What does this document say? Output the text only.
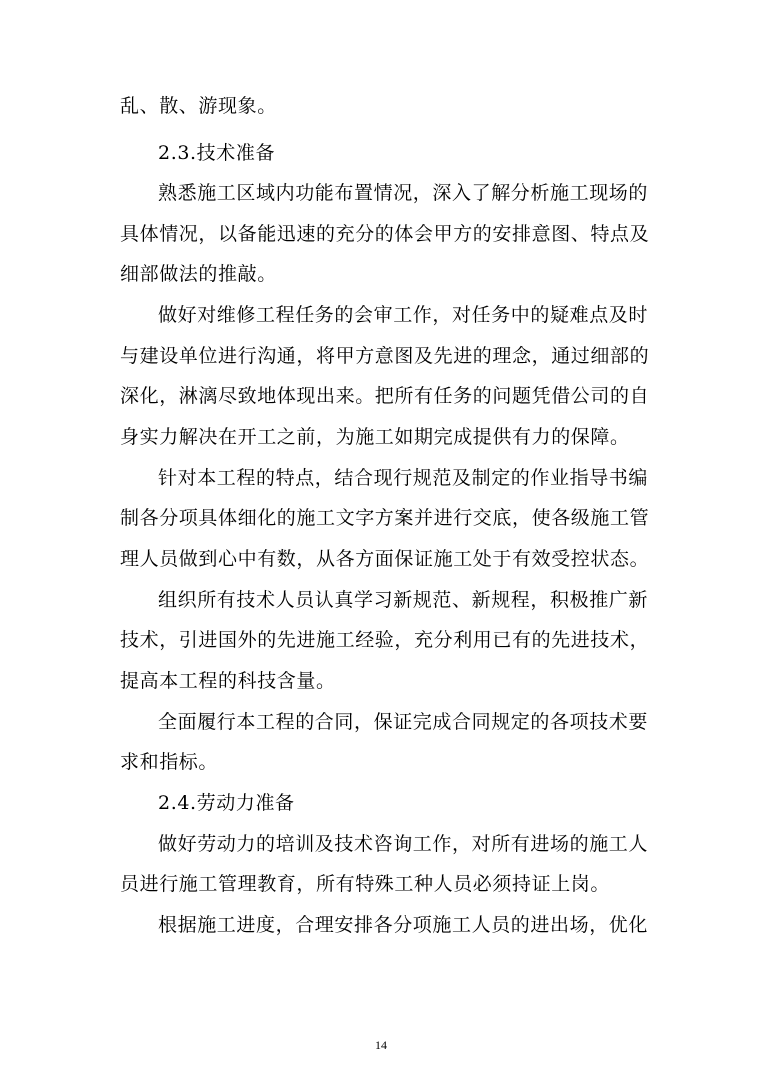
乱、散、游现象。
2.3.技术准备
熟悉施工区域内功能布置情况，深入了解分析施工现场的
具体情况，以备能迅速的充分的体会甲方的安排意图、特点及
细部做法的推敲。
做好对维修工程任务的会审工作，对任务中的疑难点及时
与建设单位进行沟通，将甲方意图及先进的理念，通过细部的
深化，淋漓尽致地体现出来。把所有任务的问题凭借公司的自
身实力解决在开工之前，为施工如期完成提供有力的保障。
针对本工程的特点，结合现行规范及制定的作业指导书编
制各分项具体细化的施工文字方案并进行交底，使各级施工管
理人员做到心中有数，从各方面保证施工处于有效受控状态。
组织所有技术人员认真学习新规范、新规程，积极推广新
技术，引进国外的先进施工经验，充分利用已有的先进技术，
提高本工程的科技含量。
全面履行本工程的合同，保证完成合同规定的各项技术要
求和指标。
2.4.劳动力准备
做好劳动力的培训及技术咨询工作，对所有进场的施工人
员进行施工管理教育，所有特殊工种人员必须持证上岗。
根据施工进度，合理安排各分项施工人员的进出场，优化
14
